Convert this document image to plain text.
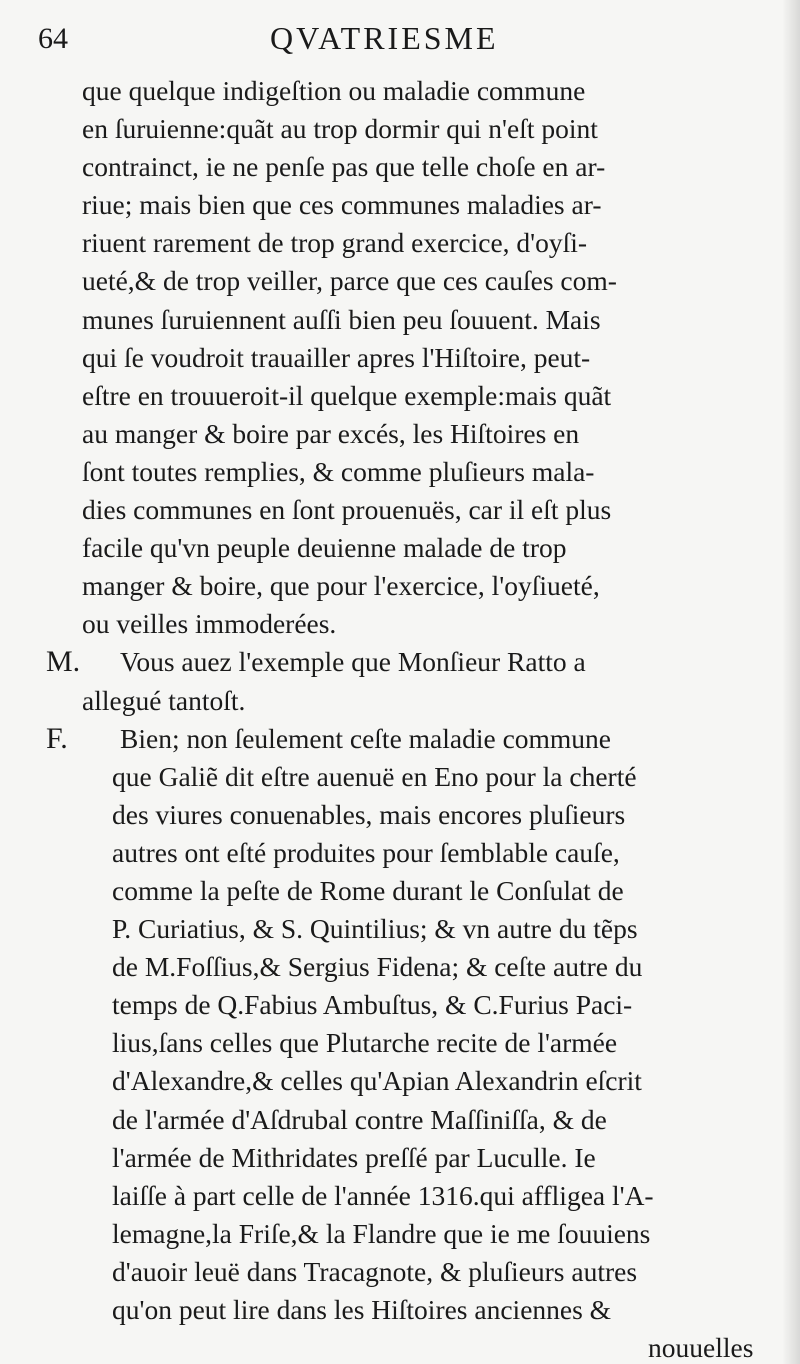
64	QVATRIESME
que quelque indigeſtion ou maladie commune
en ſuruienne:quãt au trop dormir qui n'eſt point
contrainct, ie ne penſe pas que telle choſe en ar-
riue; mais bien que ces communes maladies ar-
riuent rarement de trop grand exercice, d'oyſi-
ueté,& de trop veiller, parce que ces cauſes com-
munes ſuruiennent auſſi bien peu ſouuent. Mais
qui ſe voudroit trauailler apres l'Hiſtoire, peut-
eſtre en trouueroit-il quelque exemple:mais quãt
au manger & boire par excés, les Hiſtoires en
ſont toutes remplies, & comme pluſieurs mala-
dies communes en ſont prouenuës, car il eſt plus
facile qu'vn peuple deuienne malade de trop
manger & boire, que pour l'exercice, l'oyſiueté,
ou veilles immoderées.
M. Vous auez l'exemple que Monſieur Ratto a
allegué tantoſt.
F. Bien; non ſeulement ceſte maladie commune
que Galiẽ dit eſtre auenuë en Eno pour la cherté
des viures conuenables, mais encores pluſieurs
autres ont eſté produites pour ſemblable cauſe,
comme la peſte de Rome durant le Conſulat de
P. Curiatius, & S. Quintilius; & vn autre du tẽps
de M.Foſſius,& Sergius Fidena; & ceſte autre du
temps de Q.Fabius Ambuſtus, & C.Furius Paci-
lius,ſans celles que Plutarche recite de l'armée
d'Alexandre,& celles qu'Apian Alexandrin eſcrit
de l'armée d'Aſdrubal contre Maſſiniſſa, & de
l'armée de Mithridates preſſé par Luculle. Ie
laiſſe à part celle de l'année 1316.qui affligea l'A-
lemagne,la Friſe,& la Flandre que ie me ſouuiens
d'auoir leuë dans Tracagnote, & pluſieurs autres
qu'on peut lire dans les Hiſtoires anciennes &
nouuelles
